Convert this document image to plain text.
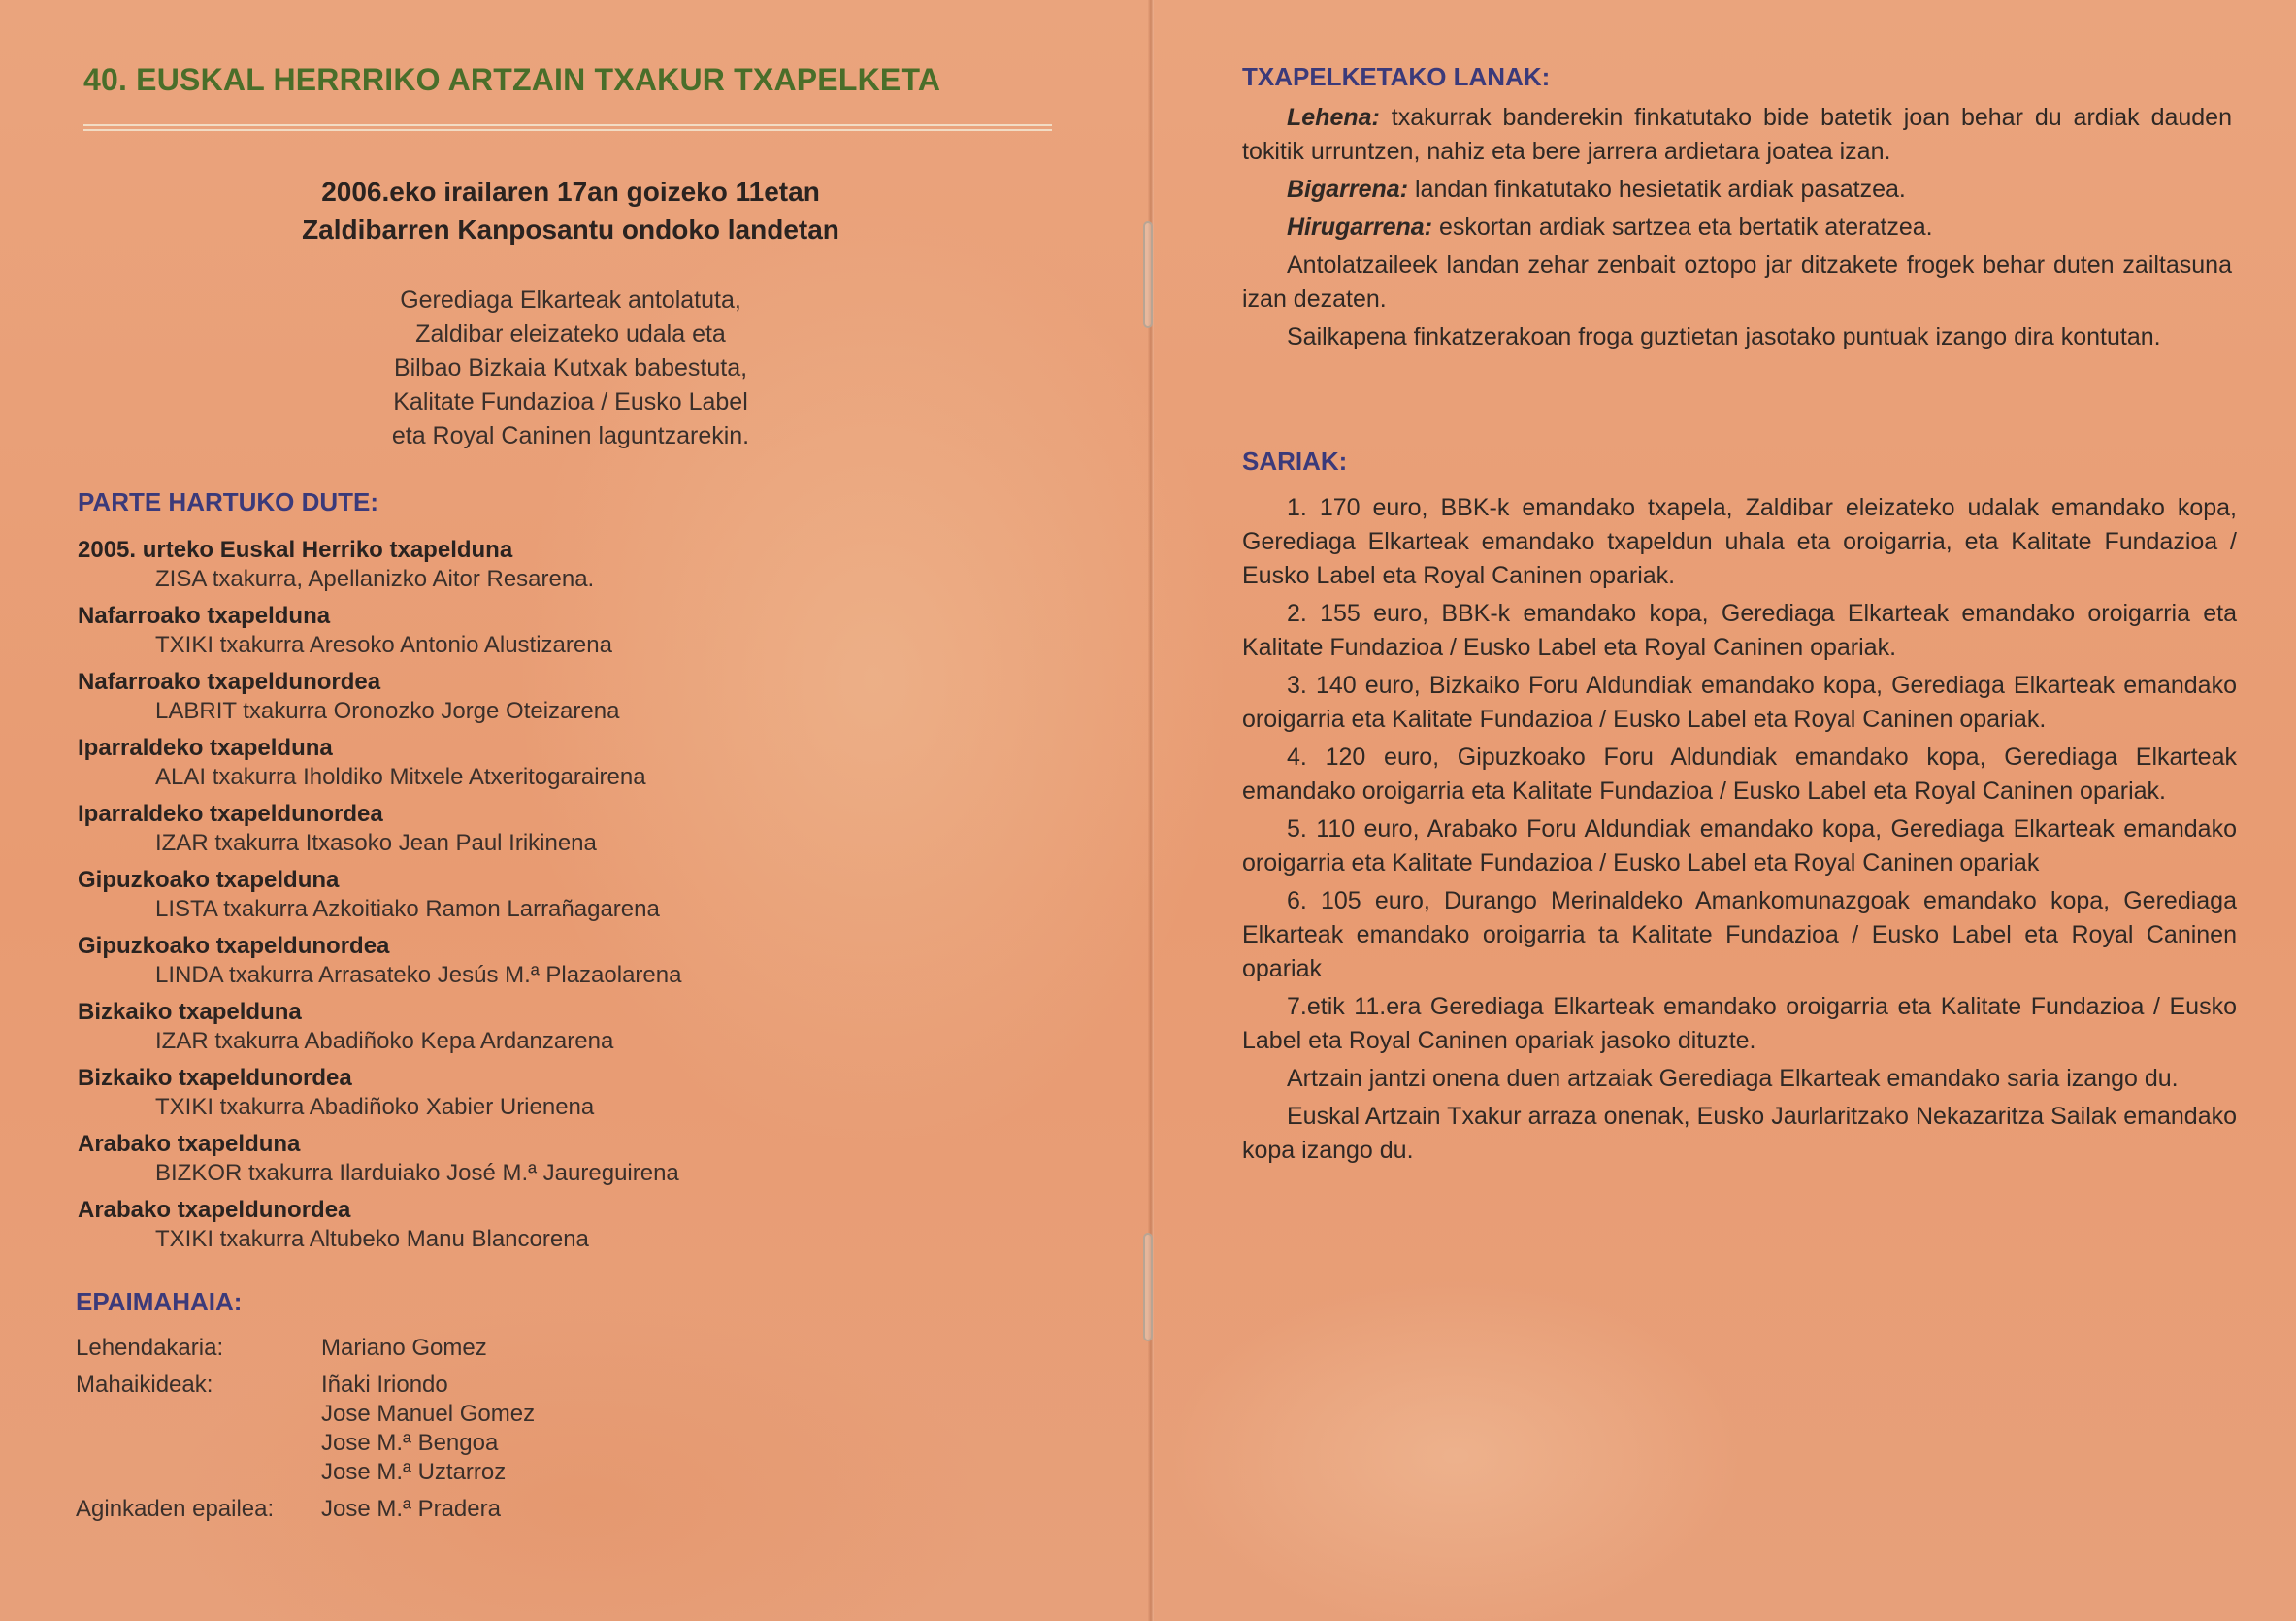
40. EUSKAL HERRRIKO ARTZAIN TXAKUR TXAPELKETA
2006.eko irailaren 17an goizeko 11etan
Zaldibarren Kanposantu ondoko landetan
Gerediaga Elkarteak antolatuta,
Zaldibar eleizateko udala eta
Bilbao Bizkaia Kutxak babestuta,
Kalitate Fundazioa / Eusko Label
eta Royal Caninen laguntzarekin.
PARTE HARTUKO DUTE:
2005. urteko Euskal Herriko txapelduna
ZISA txakurra, Apellanizko Aitor Resarena.
Nafarroako txapelduna
TXIKI txakurra Aresoko Antonio Alustizarena
Nafarroako txapeldunordea
LABRIT txakurra Oronozko Jorge Oteizarena
Iparraldeko txapelduna
ALAI txakurra Iholdiko Mitxele Atxeritogarairena
Iparraldeko txapeldunordea
IZAR txakurra Itxasoko Jean Paul Irikinena
Gipuzkoako txapelduna
LISTA txakurra Azkoitiako Ramon Larrañagarena
Gipuzkoako txapeldunordea
LINDA txakurra Arrasateko Jesús M.ª Plazaolarena
Bizkaiko txapelduna
IZAR txakurra Abadiñoko Kepa Ardanzarena
Bizkaiko txapeldunordea
TXIKI txakurra Abadiñoko Xabier Urienena
Arabako txapelduna
BIZKOR txakurra Ilarduiako José M.ª Jaureguirena
Arabako txapeldunordea
TXIKI txakurra Altubeko Manu Blancorena
EPAIMAHAIA:
Lehendakaria:	Mariano Gomez
Mahaikideak:	Iñaki Iriondo
Jose Manuel Gomez
Jose M.ª Bengoa
Jose M.ª Uztarroz
Aginkaden epailea:	Jose M.ª Pradera
TXAPELKETAKO LANAK:

Lehena: txakurrak banderekin finkatutako bide batetik joan behar du ardiak dauden tokitik urruntzen, nahiz eta bere jarrera ardietara joatea izan.

Bigarrena: landan finkatutako hesietatik ardiak pasatzea.

Hirugarrena: eskortan ardiak sartzea eta bertatik ateratzea.

Antolatzaileek landan zehar zenbait oztopo jar ditzakete frogek behar duten zailtasuna izan dezaten.

Sailkapena finkatzerakoan froga guztietan jasotako puntuak izango dira kontutan.

SARIAK:

1. 170 euro, BBK-k emandako txapela, Zaldibar eleizateko udalak emandako kopa, Gerediaga Elkarteak emandako txapeldun uhala eta oroigarria, eta Kalitate Fundazioa / Eusko Label eta Royal Caninen opariak.

2. 155 euro, BBK-k emandako kopa, Gerediaga Elkarteak emandako oroigarria eta Kalitate Fundazioa / Eusko Label eta Royal Caninen opariak.

3. 140 euro, Bizkaiko Foru Aldundiak emandako kopa, Gerediaga Elkarteak emandako oroigarria eta Kalitate Fundazioa / Eusko Label eta Royal Caninen opariak.

4. 120 euro, Gipuzkoako Foru Aldundiak emandako kopa, Gerediaga Elkarteak emandako oroigarria eta Kalitate Fundazioa / Eusko Label eta Royal Caninen opariak.

5. 110 euro, Arabako Foru Aldundiak emandako kopa, Gerediaga Elkarteak emandako oroigarria eta Kalitate Fundazioa / Eusko Label eta Royal Caninen opariak

6. 105 euro, Durango Merinaldeko Amankomunazgoak emandako kopa, Gerediaga Elkarteak emandako oroigarria ta Kalitate Fundazioa / Eusko Label eta Royal Caninen opariak

7.etik 11.era Gerediaga Elkarteak emandako oroigarria eta Kalitate Fundazioa / Eusko Label eta Royal Caninen opariak jasoko dituzte.

Artzain jantzi onena duen artzaiak Gerediaga Elkarteak emandako saria izango du.

Euskal Artzain Txakur arraza onenak, Eusko Jaurlaritzako Nekazaritza Sailak emandako kopa izango du.
